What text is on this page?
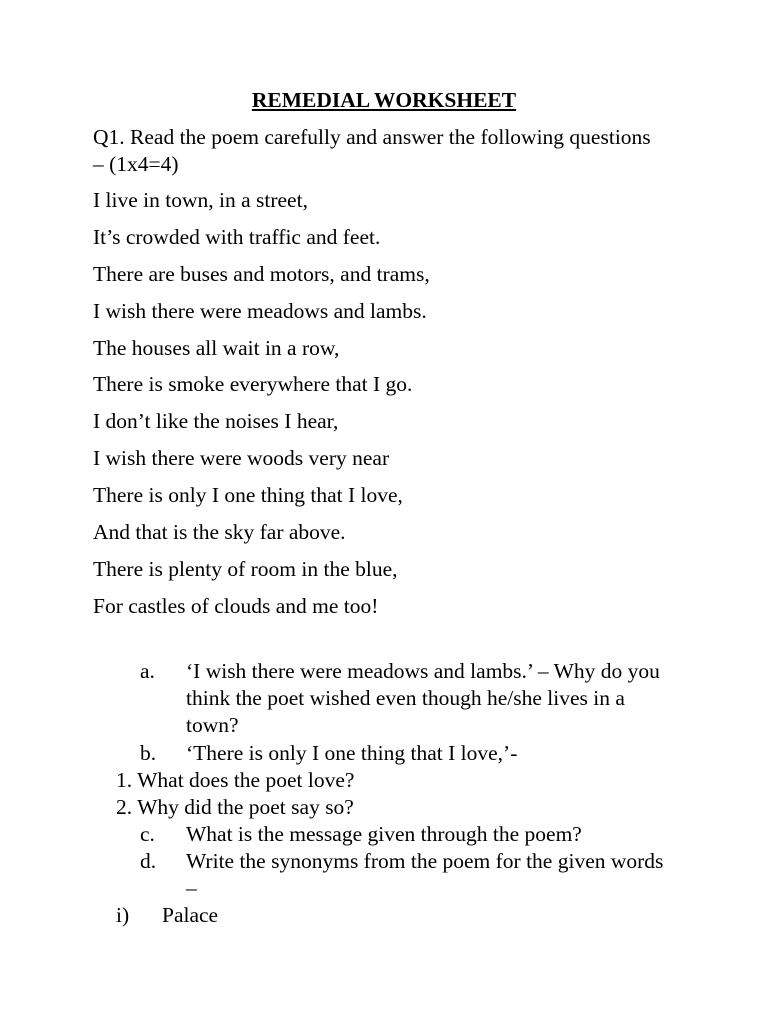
REMEDIAL WORKSHEET
Q1. Read the poem carefully and answer the following questions – (1x4=4)
I live in town, in a street,
It’s crowded with traffic and feet.
There are buses and motors, and trams,
I wish there were meadows and lambs.
The houses all wait in a row,
There is smoke everywhere that I go.
I don’t like the noises I hear,
I wish there were woods very near
There is only I one thing that I love,
And that is the sky far above.
There is plenty of room in the blue,
For castles of clouds and me too!
a. ‘I wish there were meadows and lambs.’ – Why do you think the poet wished even though he/she lives in a town?
b. ‘There is only I one thing that I love,’-
1. What does the poet love?
2. Why did the poet say so?
c. What is the message given through the poem?
d. Write the synonyms from the poem for the given words –
i) Palace
